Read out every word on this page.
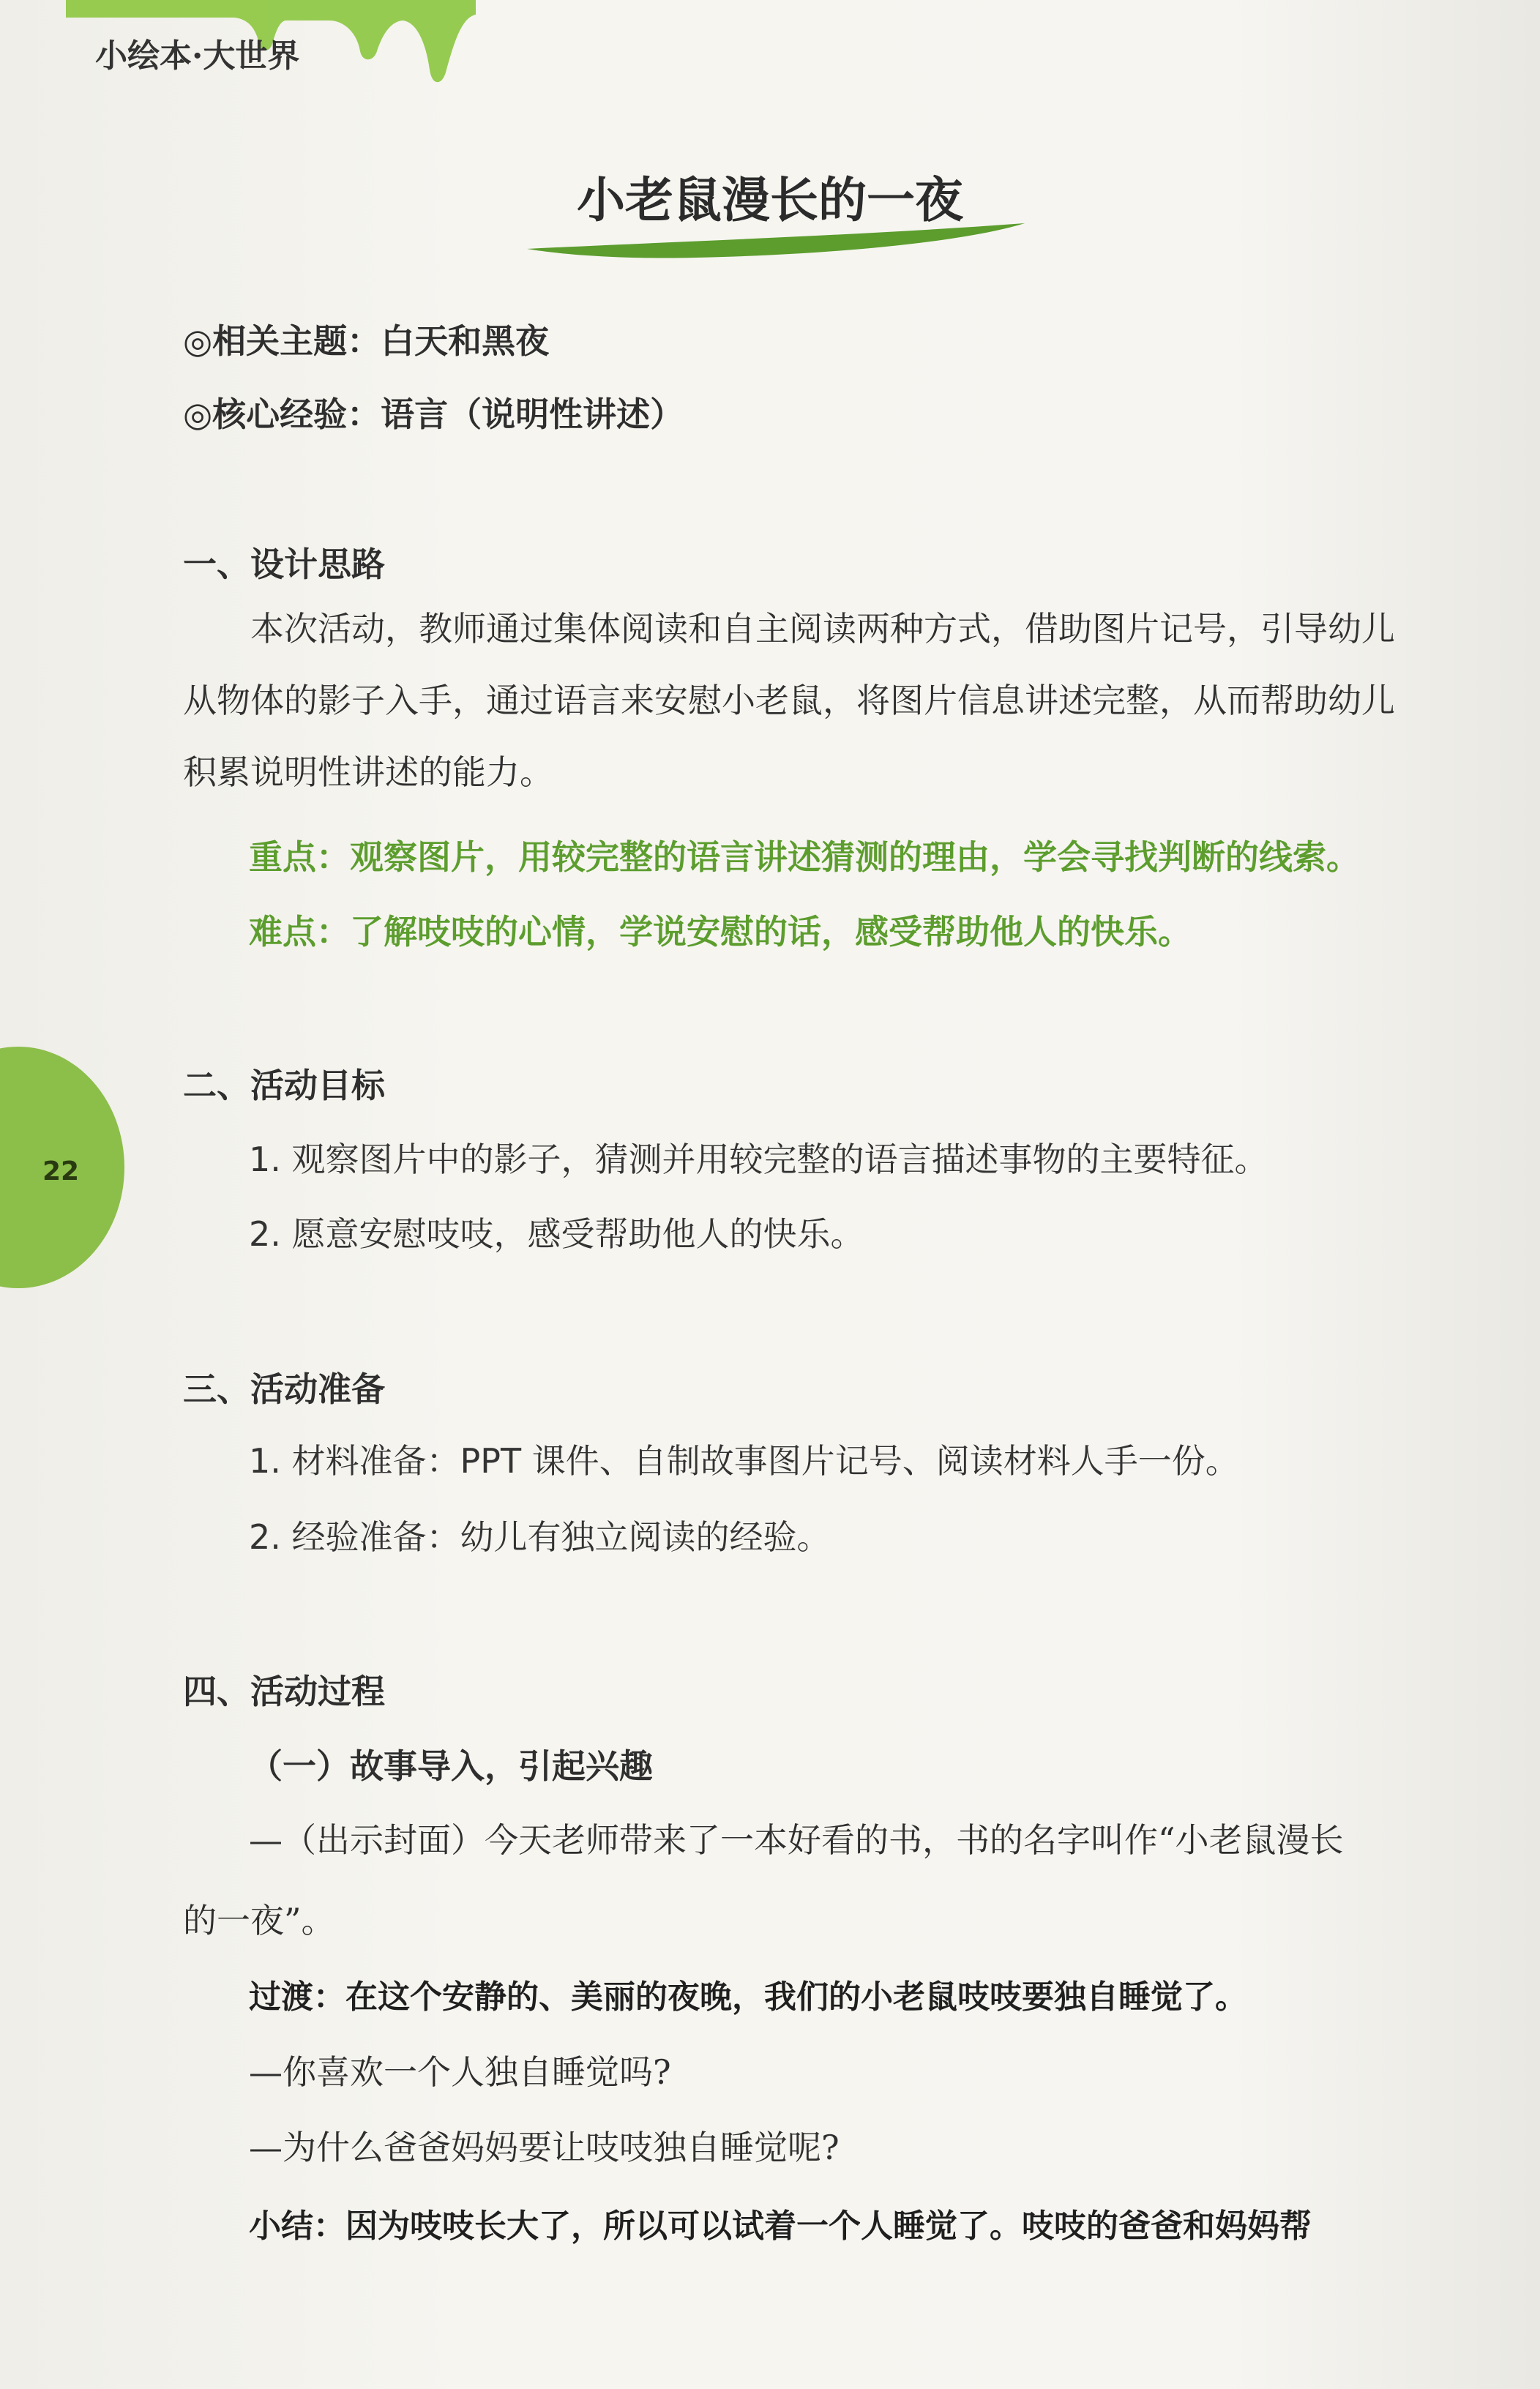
小绘本·大世界
小老鼠漫长的一夜
◎相关主题：白天和黑夜
◎核心经验：语言（说明性讲述）
一、设计思路
本次活动，教师通过集体阅读和自主阅读两种方式，借助图片记号，引导幼儿从物体的影子入手，通过语言来安慰小老鼠，将图片信息讲述完整，从而帮助幼儿积累说明性讲述的能力。
重点：观察图片，用较完整的语言讲述猜测的理由，学会寻找判断的线索。
难点：了解吱吱的心情，学说安慰的话，感受帮助他人的快乐。
二、活动目标
1. 观察图片中的影子，猜测并用较完整的语言描述事物的主要特征。
2. 愿意安慰吱吱，感受帮助他人的快乐。
三、活动准备
1. 材料准备：PPT 课件、自制故事图片记号、阅读材料人手一份。
2. 经验准备：幼儿有独立阅读的经验。
四、活动过程
（一）故事导入，引起兴趣
—（出示封面）今天老师带来了一本好看的书，书的名字叫作“小老鼠漫长
的一夜”。
过渡：在这个安静的、美丽的夜晚，我们的小老鼠吱吱要独自睡觉了。
—你喜欢一个人独自睡觉吗?
—为什么爸爸妈妈要让吱吱独自睡觉呢?
小结：因为吱吱长大了，所以可以试着一个人睡觉了。吱吱的爸爸和妈妈帮
22
